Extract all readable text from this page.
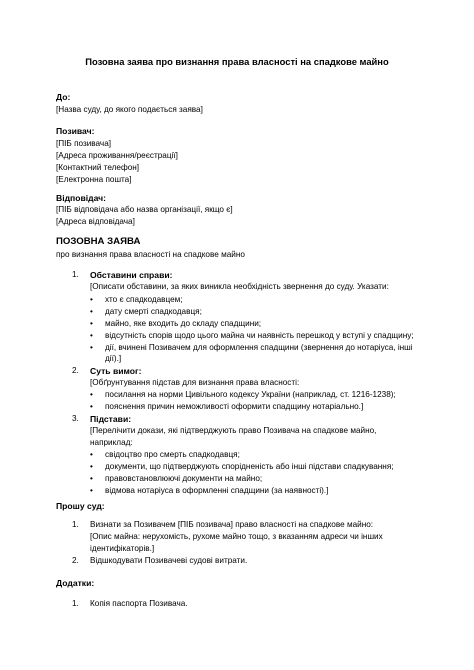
Позовна заява про визнання права власності на спадкове майно
До:
[Назва суду, до якого подається заява]
Позивач:
[ПІБ позивача]
[Адреса проживання/реєстрації]
[Контактний телефон]
[Електронна пошта]
Відповідач:
[ПІБ відповідача або назва організації, якщо є]
[Адреса відповідача]
ПОЗОВНА ЗАЯВА
про визнання права власності на спадкове майно
1. Обставини справи:
[Описати обставини, за яких виникла необхідність звернення до суду. Указати:
• хто є спадкодавцем;
• дату смерті спадкодавця;
• майно, яке входить до складу спадщини;
• відсутність спорів щодо цього майна чи наявність перешкод у вступі у спадщину;
• дії, вчинені Позивачем для оформлення спадщини (звернення до нотаріуса, інші
дії).]
2. Суть вимог:
[Обґрунтування підстав для визнання права власності:
• посилання на норми Цивільного кодексу України (наприклад, ст. 1216-1238);
• пояснення причин неможливості оформити спадщину нотаріально.]
3. Підстави:
[Перелічити докази, які підтверджують право Позивача на спадкове майно,
наприклад:
• свідоцтво про смерть спадкодавця;
• документи, що підтверджують спорідненість або інші підстави спадкування;
• правовстановлюючі документи на майно;
• відмова нотаріуса в оформленні спадщини (за наявності).]
Прошу суд:
1. Визнати за Позивачем [ПІБ позивача] право власності на спадкове майно:
[Опис майна: нерухомість, рухоме майно тощо, з вказанням адреси чи інших
ідентифікаторів.]
2. Відшкодувати Позивачеві судові витрати.
Додатки:
1. Копія паспорта Позивача.
